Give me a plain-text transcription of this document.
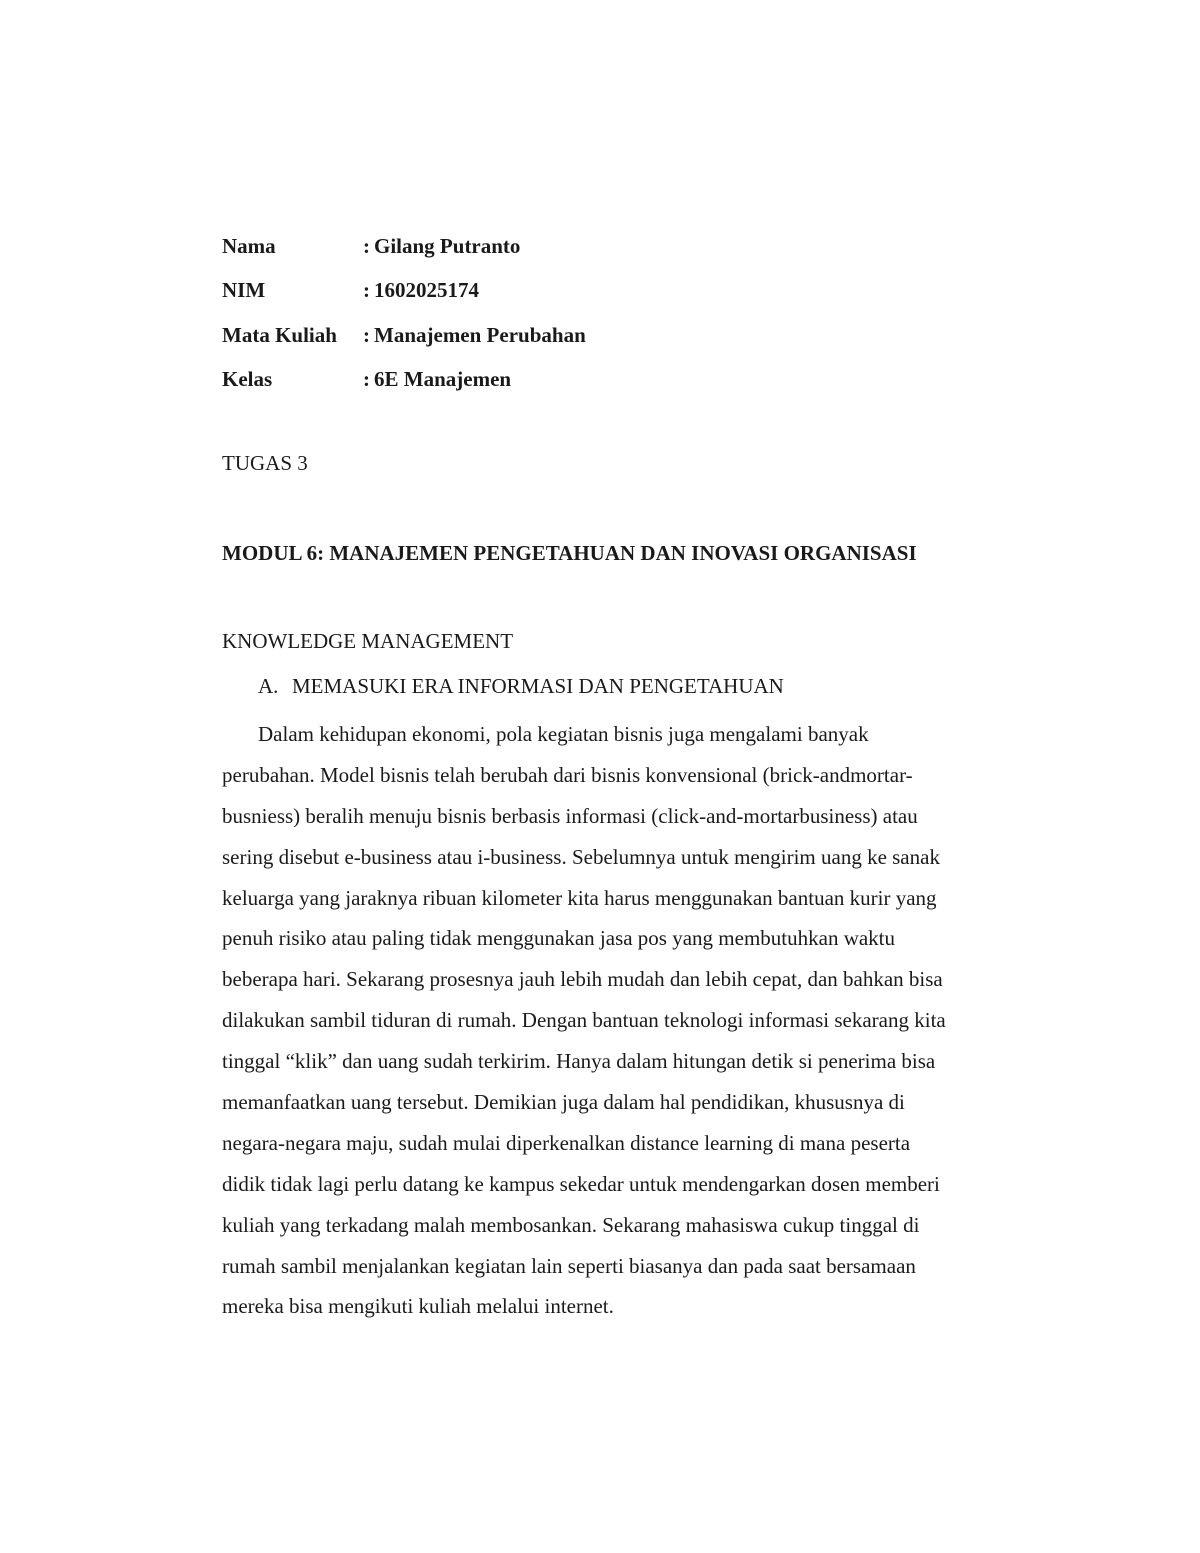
Nama	: Gilang Putranto
NIM	: 1602025174
Mata Kuliah	: Manajemen Perubahan
Kelas	: 6E Manajemen
TUGAS 3
MODUL 6: MANAJEMEN PENGETAHUAN DAN INOVASI ORGANISASI
KNOWLEDGE MANAGEMENT
A. MEMASUKI ERA INFORMASI DAN PENGETAHUAN
Dalam kehidupan ekonomi, pola kegiatan bisnis juga mengalami banyak
perubahan. Model bisnis telah berubah dari bisnis konvensional (brick-andmortar-
busniess) beralih menuju bisnis berbasis informasi (click-and-mortarbusiness) atau
sering disebut e-business atau i-business. Sebelumnya untuk mengirim uang ke sanak
keluarga yang jaraknya ribuan kilometer kita harus menggunakan bantuan kurir yang
penuh risiko atau paling tidak menggunakan jasa pos yang membutuhkan waktu
beberapa hari. Sekarang prosesnya jauh lebih mudah dan lebih cepat, dan bahkan bisa
dilakukan sambil tiduran di rumah. Dengan bantuan teknologi informasi sekarang kita
tinggal “klik” dan uang sudah terkirim. Hanya dalam hitungan detik si penerima bisa
memanfaatkan uang tersebut. Demikian juga dalam hal pendidikan, khususnya di
negara-negara maju, sudah mulai diperkenalkan distance learning di mana peserta
didik tidak lagi perlu datang ke kampus sekedar untuk mendengarkan dosen memberi
kuliah yang terkadang malah membosankan. Sekarang mahasiswa cukup tinggal di
rumah sambil menjalankan kegiatan lain seperti biasanya dan pada saat bersamaan
mereka bisa mengikuti kuliah melalui internet.
